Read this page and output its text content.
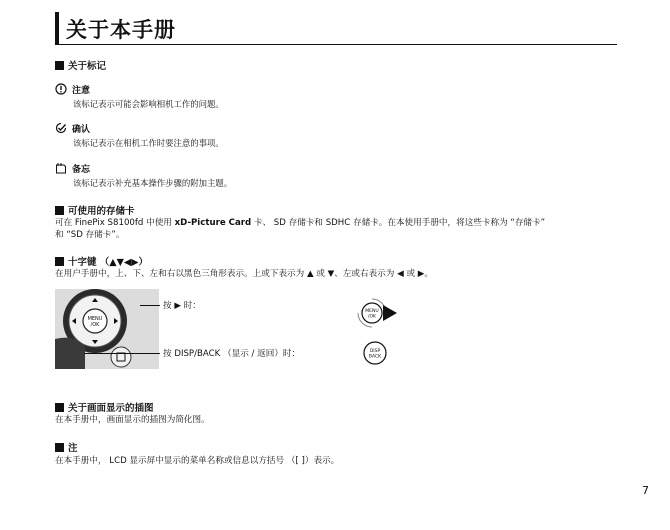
关于本手册
关于标记
注意
该标记表示可能会影响相机工作的问题。
确认
该标记表示在相机工作时要注意的事项。
备忘
该标记表示补充基本操作步骤的附加主题。
可使用的存储卡
可在 FinePix S8100fd 中使用 xD-Picture Card 卡、 SD 存储卡和 SDHC 存储卡。在本使用手册中，将这些卡称为 “存储卡”
和 “SD 存储卡”。
十字键 （▲▼◀▶）
在用户手册中，上、下、左和右以黑色三角形表示。上或下表示为 ▲ 或 ▼、左或右表示为 ◀ 或 ▶。
MENU
/OK
按 ▶ 时：
按 DISP/BACK （显示 / 返回）时：
MENU /OK
DISP
BACK
关于画面显示的插图
在本手册中，画面显示的插图为简化图。
注
在本手册中， LCD 显示屏中显示的菜单名称或信息以方括号 （[ ]）表示。
7
